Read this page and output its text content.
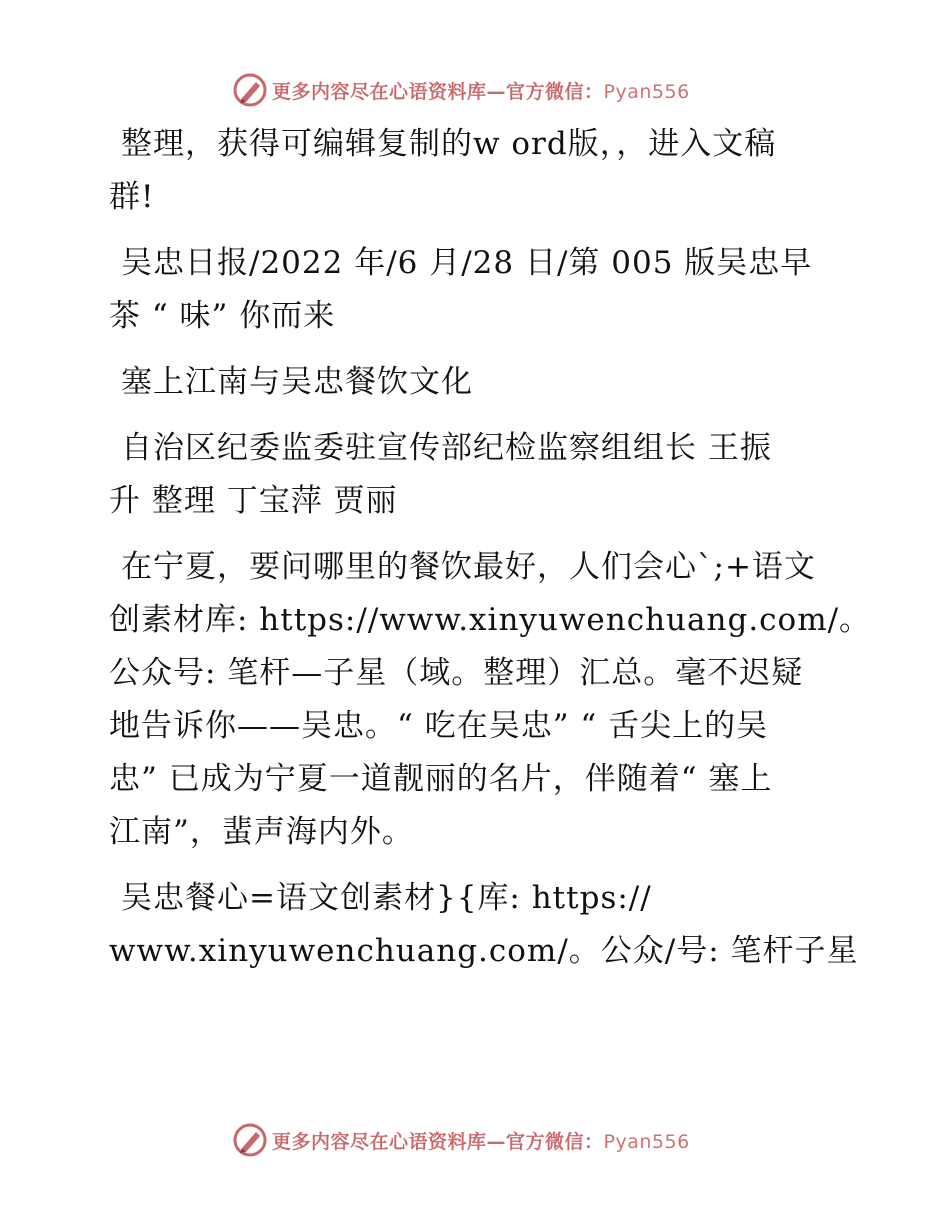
更多内容尽在心语资料库—官方微信：Pyan556
整理，获得可编辑复制的w ord版，，进入文稿
群!
吴忠日报/2022 年/6 月/28 日/第 005 版吴忠早
茶 “ 味” 你而来
塞上江南与吴忠餐饮文化
自治区纪委监委驻宣传部纪检监察组组长 王振
升 整理 丁宝萍 贾丽
在宁夏，要问哪里的餐饮最好，人们会心`;+语文
创素材库: https://www.xinyuwenchuang.com/。
公众号: 笔杆—子星（域。整理）汇总。毫不迟疑
地告诉你——吴忠。“ 吃在吴忠” “ 舌尖上的吴
忠” 已成为宁夏一道靓丽的名片，伴随着“ 塞上
江南”，蜚声海内外。
吴忠餐心=语文创素材}{库: https://
www.xinyuwenchuang.com/。公众/号: 笔杆子星
更多内容尽在心语资料库—官方微信：Pyan556
